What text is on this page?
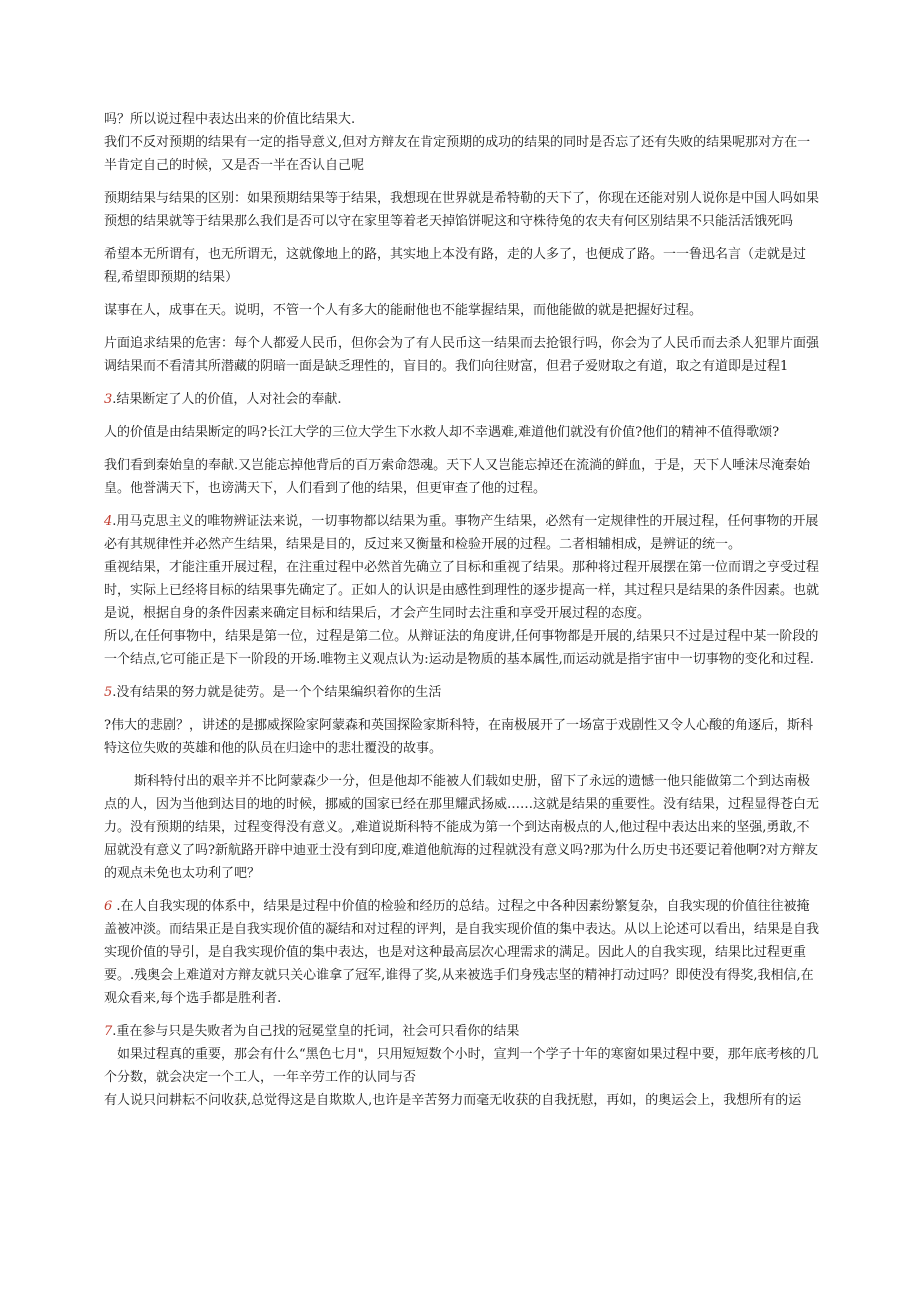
吗？所以说过程中表达出来的价值比结果大.

我们不反对预期的结果有一定的指导意义,但对方辩友在肯定预期的成功的结果的同时是否忘了还有失败的结果呢那对方在一半肯定自己的时候，又是否一半在否认自己呢

预期结果与结果的区别：如果预期结果等于结果，我想现在世界就是希特勒的天下了，你现在还能对别人说你是中国人吗如果预想的结果就等于结果那么我们是否可以守在家里等着老天掉馅饼呢这和守株待兔的农夫有何区别结果不只能活活饿死吗

希望本无所谓有，也无所谓无，这就像地上的路，其实地上本没有路，走的人多了，也便成了路。一一鲁迅名言（走就是过程,希望即预期的结果）

谋事在人，成事在天。说明，不管一个人有多大的能耐他也不能掌握结果，而他能做的就是把握好过程。

片面追求结果的危害：每个人都爱人民币，但你会为了有人民币这一结果而去抢银行吗，你会为了人民币而去杀人犯罪片面强调结果而不看清其所潜藏的阴暗一面是缺乏理性的，盲目的。我们向往财富，但君子爱财取之有道，取之有道即是过程1

3.结果断定了人的价值，人对社会的奉献.

人的价值是由结果断定的吗?长江大学的三位大学生下水救人却不幸遇难,难道他们就没有价值?他们的精神不值得歌颂?

我们看到秦始皇的奉献.又岂能忘掉他背后的百万索命怨魂。天下人又岂能忘掉还在流淌的鲜血，于是，天下人唾沫尽淹秦始皇。他誉满天下，也谤满天下，人们看到了他的结果，但更审查了他的过程。

4.用马克思主义的唯物辨证法来说，一切事物都以结果为重。事物产生结果，必然有一定规律性的开展过程，任何事物的开展必有其规律性并必然产生结果，结果是目的，反过来又衡量和检验开展的过程。二者相辅相成，是辨证的统一。

重视结果，才能注重开展过程，在注重过程中必然首先确立了目标和重视了结果。那种将过程开展摆在第一位而谓之亨受过程时，实际上已经将目标的结果事先确定了。正如人的认识是由感性到理性的逐步提高一样，其过程只是结果的条件因素。也就是说，根据自身的条件因素来确定目标和结果后，才会产生同时去注重和享受开展过程的态度。

所以,在任何事物中，结果是第一位，过程是第二位。从辩证法的角度讲,任何事物都是开展的,结果只不过是过程中某一阶段的一个结点,它可能正是下一阶段的开场.唯物主义观点认为:运动是物质的基本属性,而运动就是指宇宙中一切事物的变化和过程.

5.没有结果的努力就是徒劳。是一个个结果编织着你的生活

?伟大的悲剧？，讲述的是挪威探险家阿蒙森和英国探险家斯科特，在南极展开了一场富于戏剧性又令人心酸的角逐后，斯科特这位失败的英雄和他的队员在归途中的悲壮覆没的故事。

斯科特付出的艰辛并不比阿蒙森少一分，但是他却不能被人们载如史册，留下了永远的遗憾一他只能做第二个到达南极点的人，因为当他到达目的地的时候，挪威的国家已经在那里耀武扬威……这就是结果的重要性。没有结果，过程显得苍白无力。没有预期的结果，过程变得没有意义。,难道说斯科特不能成为第一个到达南极点的人,他过程中表达出来的坚强,勇敢,不屈就没有意义了吗?新航路开辟中迪亚士没有到印度,难道他航海的过程就没有意义吗?那为什么历史书还要记着他啊?对方辩友的观点未免也太功利了吧？

6 .在人自我实现的体系中，结果是过程中价值的检验和经历的总结。过程之中各种因素纷繁复杂，自我实现的价值往往被掩盖被冲淡。而结果正是自我实现价值的凝结和对过程的评判，是自我实现价值的集中表达。从以上论述可以看出，结果是自我实现价值的导引，是自我实现价值的集中表达，也是对这种最高层次心理需求的满足。因此人的自我实现，结果比过程更重要。.残奥会上难道对方辩友就只关心谁拿了冠军,谁得了奖,从来被选手们身残志坚的精神打动过吗？即使没有得奖,我相信,在观众看来,每个选手都是胜利者.

7.重在参与只是失败者为自己找的冠冕堂皇的托词，社会可只看你的结果

如果过程真的重要，那会有什么“黑色七月"，只用短短数个小时，宣判一个学子十年的寒窗如果过程中要，那年底考核的几个分数，就会决定一个工人，一年辛劳工作的认同与否

有人说只问耕耘不问收获,总觉得这是自欺欺人,也许是辛苦努力而毫无收获的自我抚慰，再如，的奥运会上，我想所有的运
